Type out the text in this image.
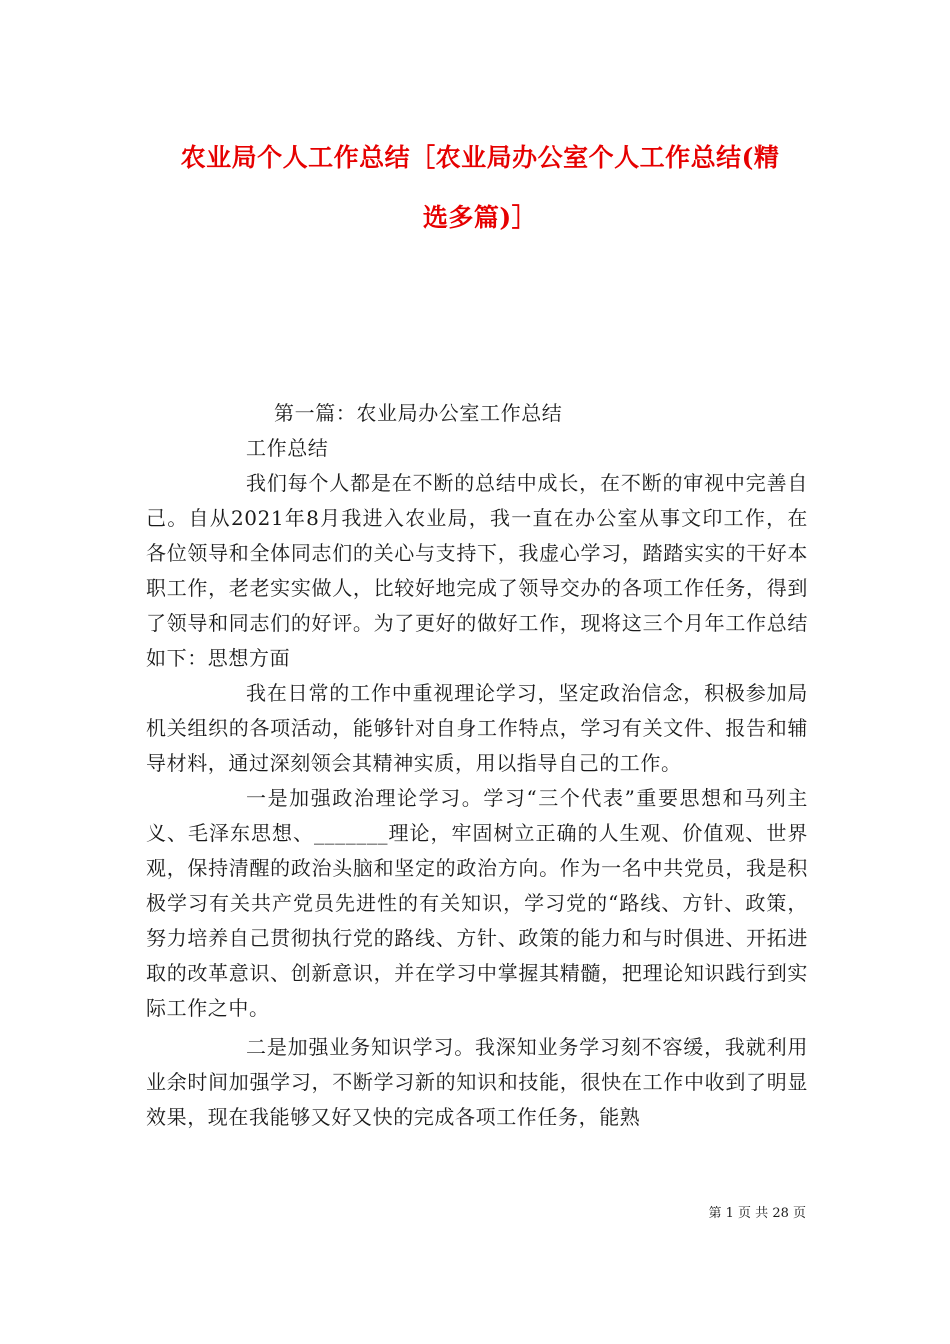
农业局个人工作总结［农业局办公室个人工作总结(精
选多篇)］

第一篇：农业局办公室工作总结

工作总结

我们每个人都是在不断的总结中成长，在不断的审视中完善自己。自从2021年8月我进入农业局，我一直在办公室从事文印工作，在各位领导和全体同志们的关心与支持下，我虚心学习，踏踏实实的干好本职工作，老老实实做人，比较好地完成了领导交办的各项工作任务，得到了领导和同志们的好评。为了更好的做好工作，现将这三个月年工作总结如下：思想方面

我在日常的工作中重视理论学习，坚定政治信念，积极参加局机关组织的各项活动，能够针对自身工作特点，学习有关文件、报告和辅导材料，通过深刻领会其精神实质，用以指导自己的工作。

一是加强政治理论学习。学习“三个代表”重要思想和马列主义、毛泽东思想、_______理论，牢固树立正确的人生观、价值观、世界观，保持清醒的政治头脑和坚定的政治方向。作为一名中共党员，我是积极学习有关共产党员先进性的有关知识，学习党的“路线、方针、政策，努力培养自己贯彻执行党的路线、方针、政策的能力和与时俱进、开拓进取的改革意识、创新意识，并在学习中掌握其精髓，把理论知识践行到实际工作之中。

二是加强业务知识学习。我深知业务学习刻不容缓，我就利用业余时间加强学习，不断学习新的知识和技能，很快在工作中收到了明显效果，现在我能够又好又快的完成各项工作任务，能熟

第 1 页 共 28 页
